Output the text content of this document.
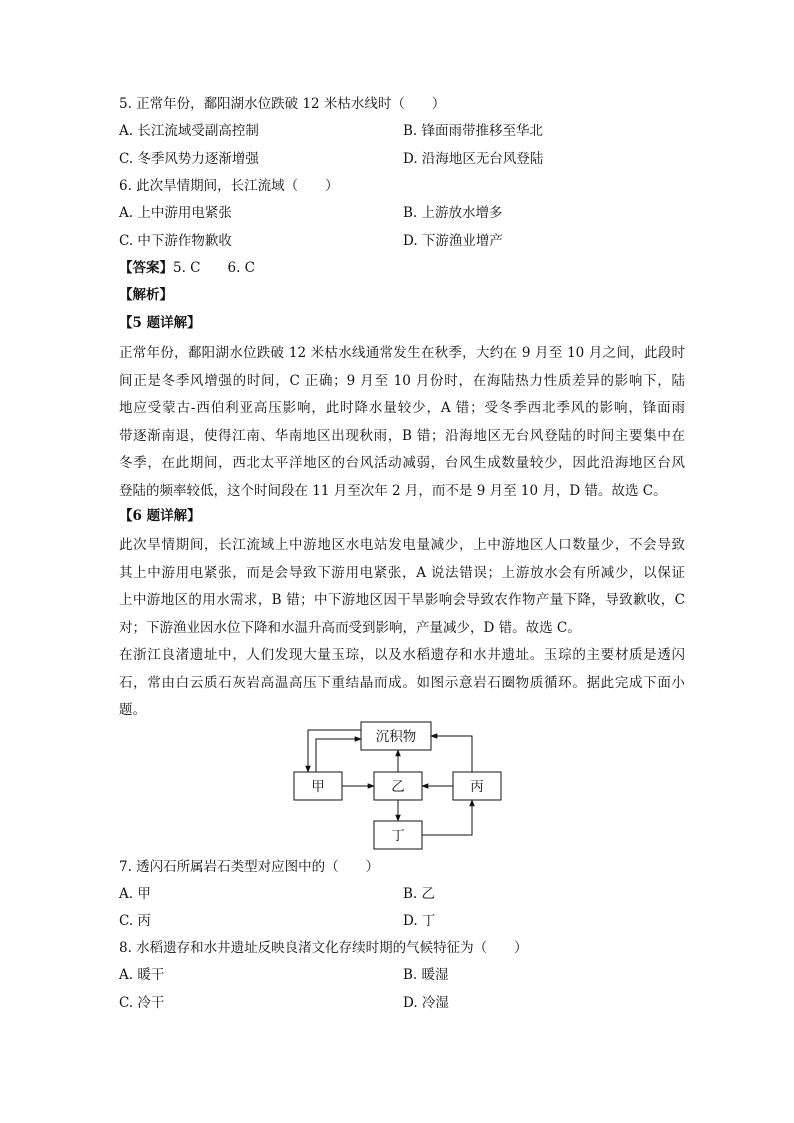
5. 正常年份，鄱阳湖水位跌破 12 米枯水线时（　　）
A. 长江流域受副高控制	B. 锋面雨带推移至华北
C. 冬季风势力逐渐增强	D. 沿海地区无台风登陆
6. 此次旱情期间，长江流域（　　）
A. 上中游用电紧张	B. 上游放水增多
C. 中下游作物歉收	D. 下游渔业增产
【答案】5. C　　6. C
【解析】
【5 题详解】
正常年份，鄱阳湖水位跌破 12 米枯水线通常发生在秋季，大约在 9 月至 10 月之间，此段时
间正是冬季风增强的时间，C 正确；9 月至 10 月份时，在海陆热力性质差异的影响下，陆
地应受蒙古-西伯利亚高压影响，此时降水量较少，A 错；受冬季西北季风的影响，锋面雨
带逐渐南退，使得江南、华南地区出现秋雨，B 错；沿海地区无台风登陆的时间主要集中在
冬季，在此期间，西北太平洋地区的台风活动减弱，台风生成数量较少，因此沿海地区台风
登陆的频率较低，这个时间段在 11 月至次年 2 月，而不是 9 月至 10 月，D 错。故选 C。
【6 题详解】
此次旱情期间，长江流域上中游地区水电站发电量减少，上中游地区人口数量少，不会导致
其上中游用电紧张，而是会导致下游用电紧张，A 说法错误；上游放水会有所减少，以保证
上中游地区的用水需求，B 错；中下游地区因干旱影响会导致农作物产量下降，导致歉收，C
对；下游渔业因水位下降和水温升高而受到影响，产量减少，D 错。故选 C。
在浙江良渚遗址中，人们发现大量玉琮，以及水稻遗存和水井遗址。玉琮的主要材质是透闪
石，常由白云质石灰岩高温高压下重结晶而成。如图示意岩石圈物质循环。据此完成下面小
题。
沉积物
甲	乙	丙
丁
7. 透闪石所属岩石类型对应图中的（　　）
A. 甲	B. 乙
C. 丙	D. 丁
8. 水稻遗存和水井遗址反映良渚文化存续时期的气候特征为（　　）
A. 暖干	B. 暖湿
C. 冷干	D. 冷湿
